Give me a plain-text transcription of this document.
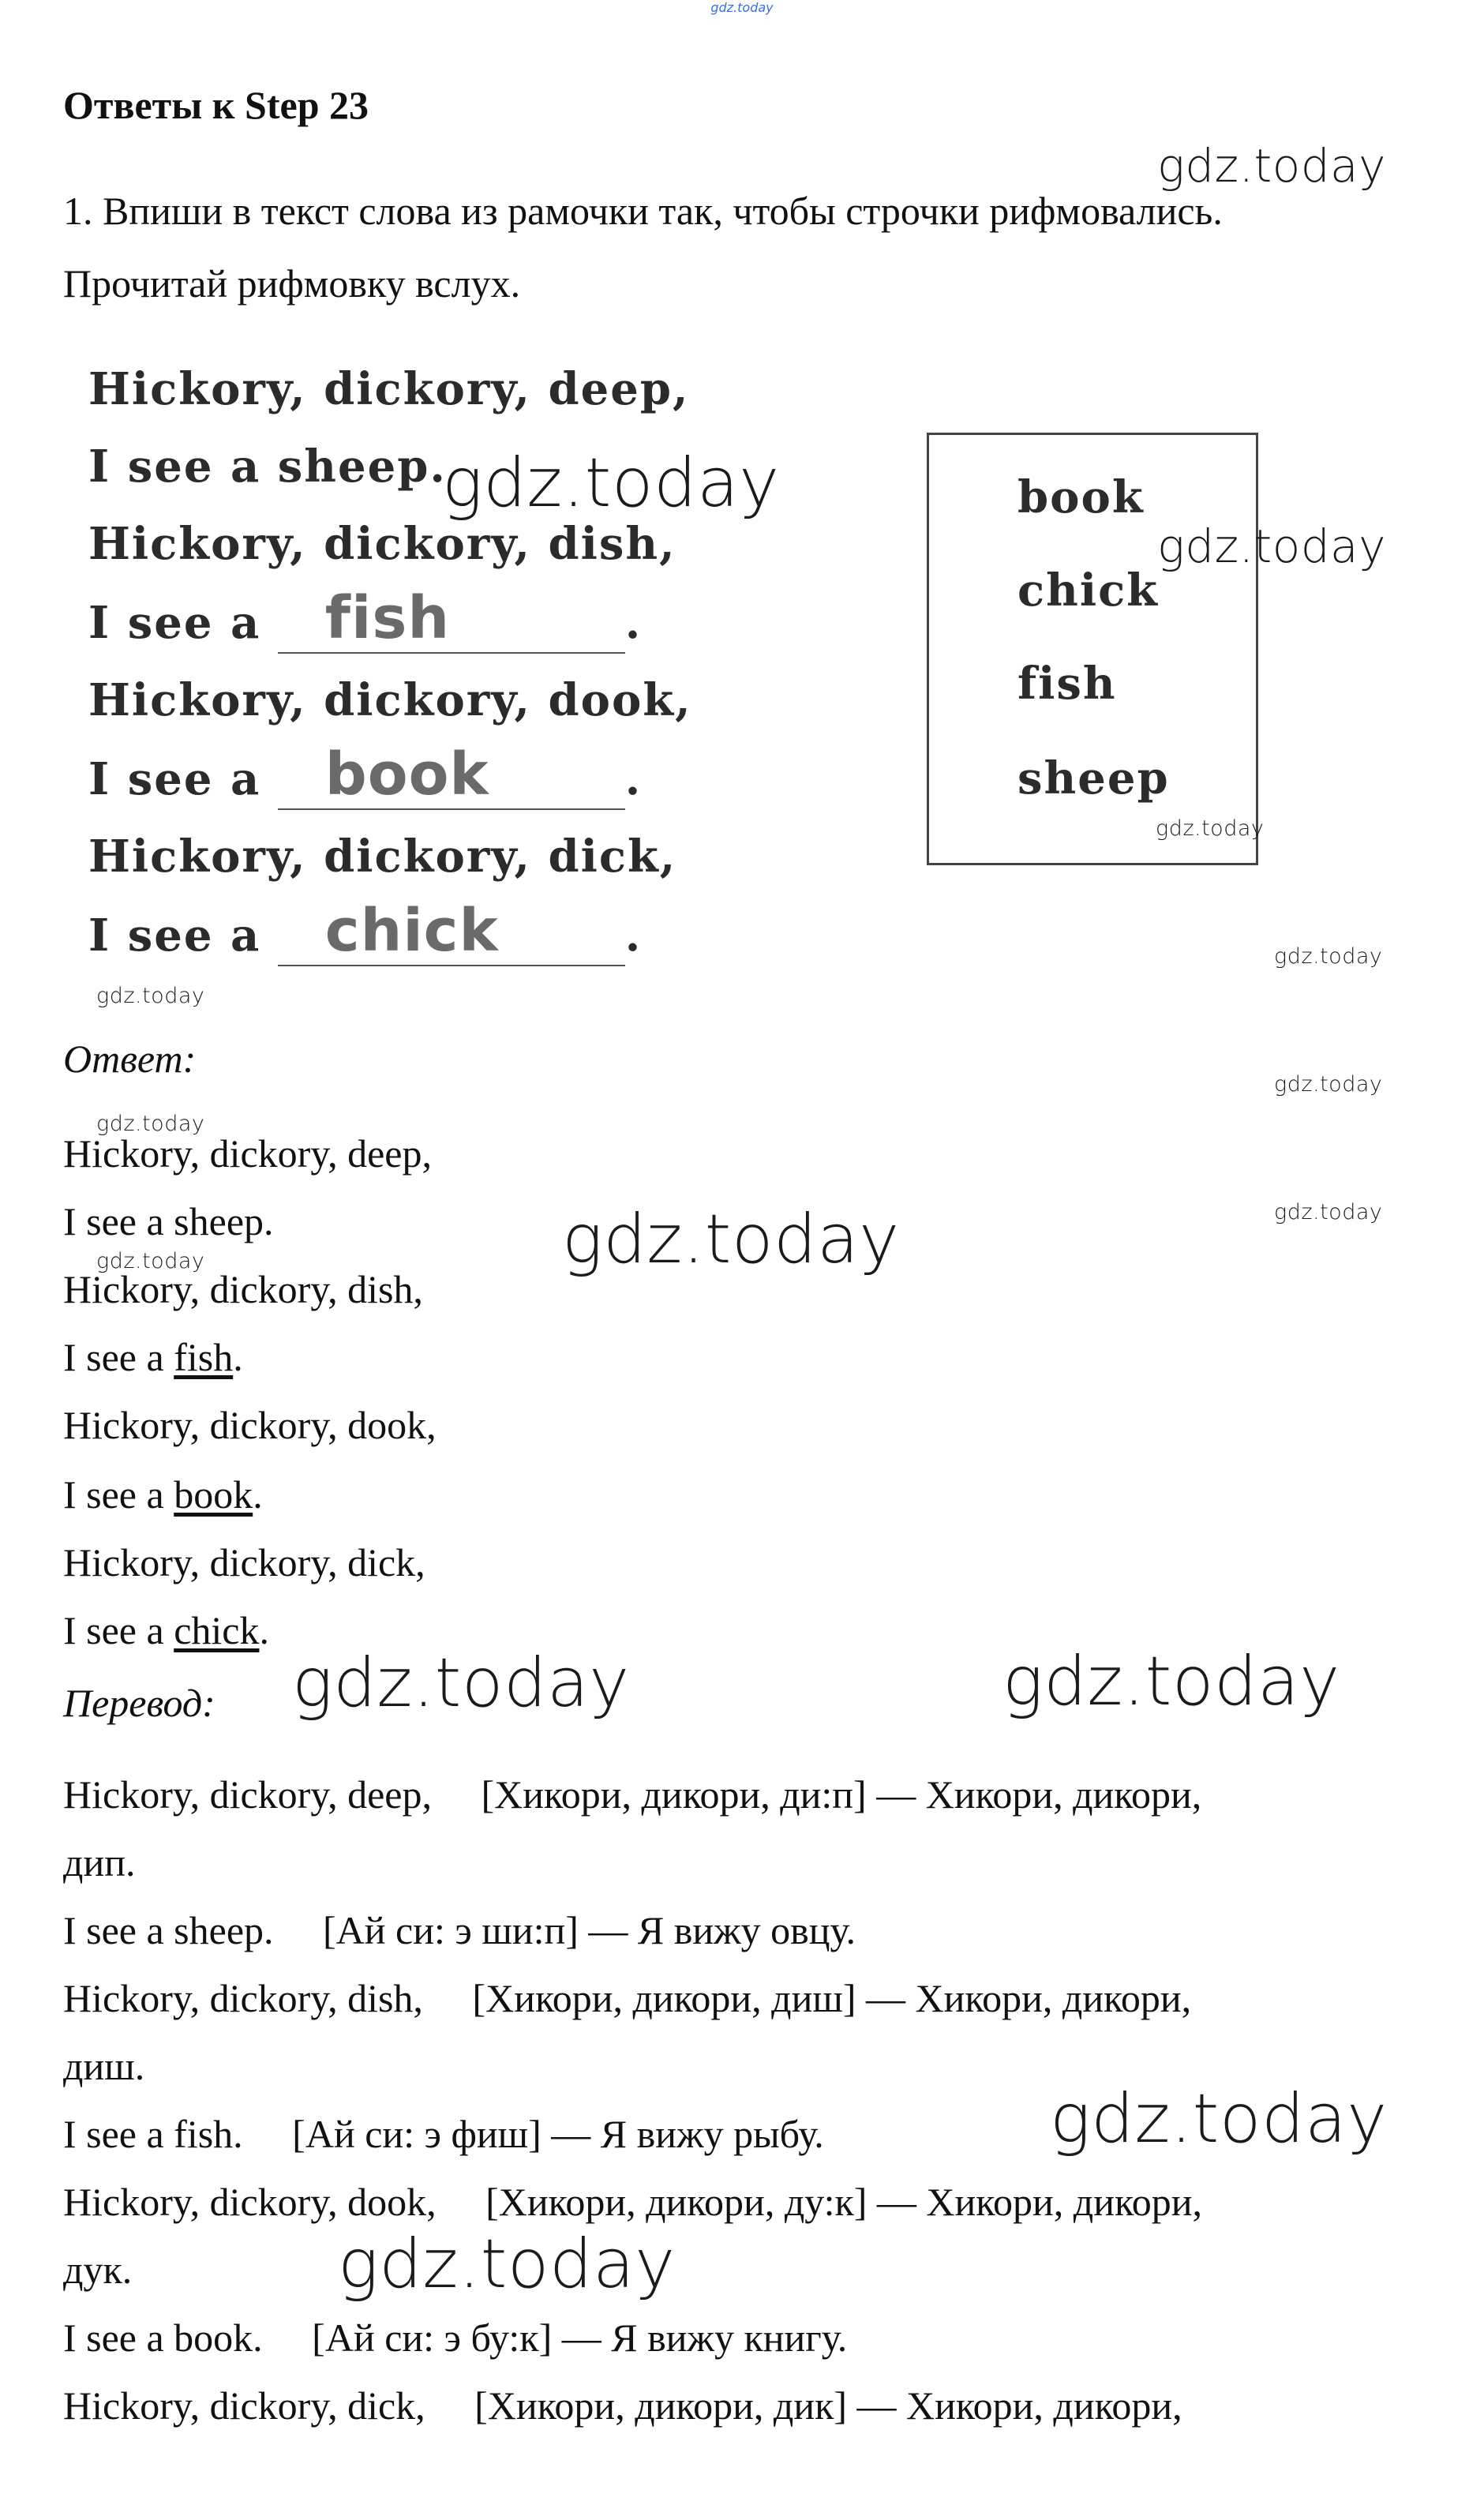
gdz.today
Ответы к Step 23
1. Впиши в текст слова из рамочки так, чтобы строчки рифмовались.
Прочитай рифмовку вслух.
Hickory, dickory, deep,
I see a sheep.
Hickory, dickory, dish,
I see a fish	.
Hickory, dickory, dook,
I see a book	.
Hickory, dickory, dick,
I see a chick	.
book
chick
fish
sheep
Ответ:
Hickory, dickory, deep,
I see a sheep.
Hickory, dickory, dish,
I see a fish.
Hickory, dickory, dook,
I see a book.
Hickory, dickory, dick,
I see a chick.
Перевод:
Hickory, dickory, deep,     [Хикори, дикори, ди:п] — Хикори, дикори,
дип.
I see a sheep.     [Ай си: э ши:п] — Я вижу овцу.
Hickory, dickory, dish,     [Хикори, дикори, диш] — Хикори, дикори,
диш.
I see a fish.     [Ай си: э фиш] — Я вижу рыбу.
Hickory, dickory, dook,     [Хикори, дикори, ду:к] — Хикори, дикори,
дук.
I see a book.     [Ай си: э бу:к] — Я вижу книгу.
Hickory, dickory, dick,     [Хикори, дикори, дик] — Хикори, дикори,
gdz.today
gdz.today
gdz.today
gdz.today
gdz.today
gdz.today
gdz.today
gdz.today
gdz.today
gdz.today	gdz.today
gdz.today	gdz.today
gdz.today
gdz.today
